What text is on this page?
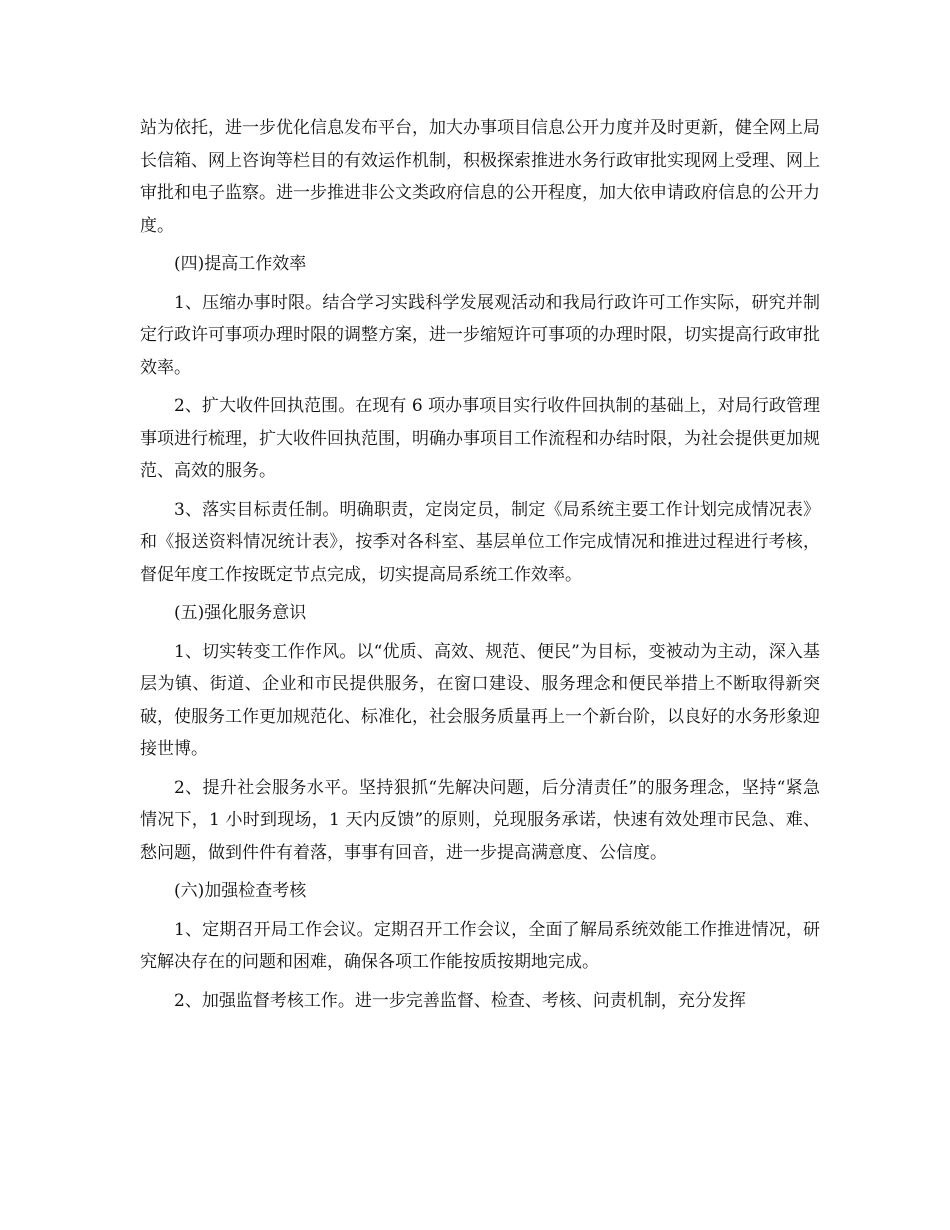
站为依托，进一步优化信息发布平台，加大办事项目信息公开力度并及时更新，健全网上局长信箱、网上咨询等栏目的有效运作机制，积极探索推进水务行政审批实现网上受理、网上审批和电子监察。进一步推进非公文类政府信息的公开程度，加大依申请政府信息的公开力度。

(四)提高工作效率

1、压缩办事时限。结合学习实践科学发展观活动和我局行政许可工作实际，研究并制定行政许可事项办理时限的调整方案，进一步缩短许可事项的办理时限，切实提高行政审批效率。

2、扩大收件回执范围。在现有 6 项办事项目实行收件回执制的基础上，对局行政管理事项进行梳理，扩大收件回执范围，明确办事项目工作流程和办结时限，为社会提供更加规范、高效的服务。

3、落实目标责任制。明确职责，定岗定员，制定《局系统主要工作计划完成情况表》和《报送资料情况统计表》，按季对各科室、基层单位工作完成情况和推进过程进行考核，督促年度工作按既定节点完成，切实提高局系统工作效率。

(五)强化服务意识

1、切实转变工作作风。以“优质、高效、规范、便民”为目标，变被动为主动，深入基层为镇、街道、企业和市民提供服务，在窗口建设、服务理念和便民举措上不断取得新突破，使服务工作更加规范化、标准化，社会服务质量再上一个新台阶，以良好的水务形象迎接世博。

2、提升社会服务水平。坚持狠抓“先解决问题，后分清责任”的服务理念，坚持“紧急情况下，1 小时到现场，1 天内反馈”的原则，兑现服务承诺，快速有效处理市民急、难、愁问题，做到件件有着落，事事有回音，进一步提高满意度、公信度。

(六)加强检查考核

1、定期召开局工作会议。定期召开工作会议，全面了解局系统效能工作推进情况，研究解决存在的问题和困难，确保各项工作能按质按期地完成。

2、加强监督考核工作。进一步完善监督、检查、考核、问责机制，充分发挥
